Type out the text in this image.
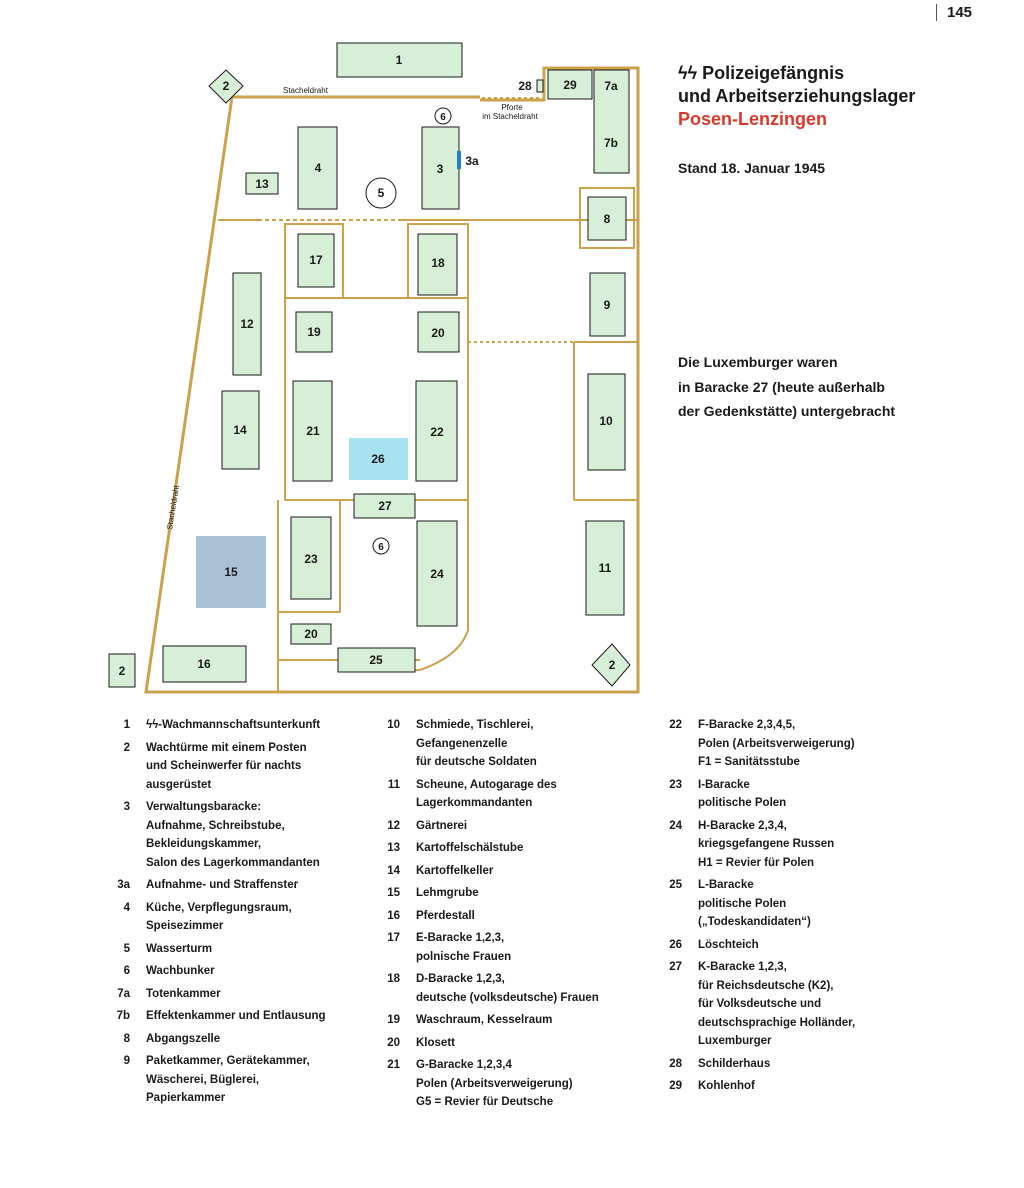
145
ϟϟ Polizeigefängnis
und Arbeitserziehungslager
Posen-Lenzingen
Stand 18. Januar 1945
Die Luxemburger waren
in Baracke 27 (heute außerhalb
der Gedenkstätte) untergebracht
1
2	28	29 7a
7b
6
4
13
5
3
3a
8
17	18
12
9
19	20
14	21
26
22
10
27
15
23
6
24	11
20
16	25	2
2
Stacheldraht
Stacheldraht
Pforte
im Stacheldraht
1	ϟϟ-Wachmannschaftsunterkunft
2	Wachtürme mit einem Posten
und Scheinwerfer für nachts
ausgerüstet
3	Verwaltungsbaracke:
Aufnahme, Schreibstube,
Bekleidungskammer,
Salon des Lagerkommandanten
3a	Aufnahme- und Straffenster
4	Küche, Verpflegungsraum,
Speisezimmer
5	Wasserturm
6	Wachbunker
7a	Totenkammer
7b	Effektenkammer und Entlausung
8	Abgangszelle
9	Paketkammer, Gerätekammer,
Wäscherei, Büglerei,
Papierkammer
10	Schmiede, Tischlerei,
Gefangenenzelle
für deutsche Soldaten
11	Scheune, Autogarage des
Lagerkommandanten
12	Gärtnerei
13	Kartoffelschälstube
14	Kartoffelkeller
15	Lehmgrube
16	Pferdestall
17	E-Baracke 1,2,3,
polnische Frauen
18	D-Baracke 1,2,3,
deutsche (volksdeutsche) Frauen
19	Waschraum, Kesselraum
20	Klosett
21	G-Baracke 1,2,3,4
Polen (Arbeitsverweigerung)
G5 = Revier für Deutsche
22	F-Baracke 2,3,4,5,
Polen (Arbeitsverweigerung)
F1 = Sanitätsstube
23	I-Baracke
politische Polen
24	H-Baracke 2,3,4,
kriegsgefangene Russen
H1 = Revier für Polen
25	L-Baracke
politische Polen
(„Todeskandidaten“)
26	Löschteich
27	K-Baracke 1,2,3,
für Reichsdeutsche (K2),
für Volksdeutsche und
deutschsprachige Holländer,
Luxemburger
28	Schilderhaus
29	Kohlenhof
